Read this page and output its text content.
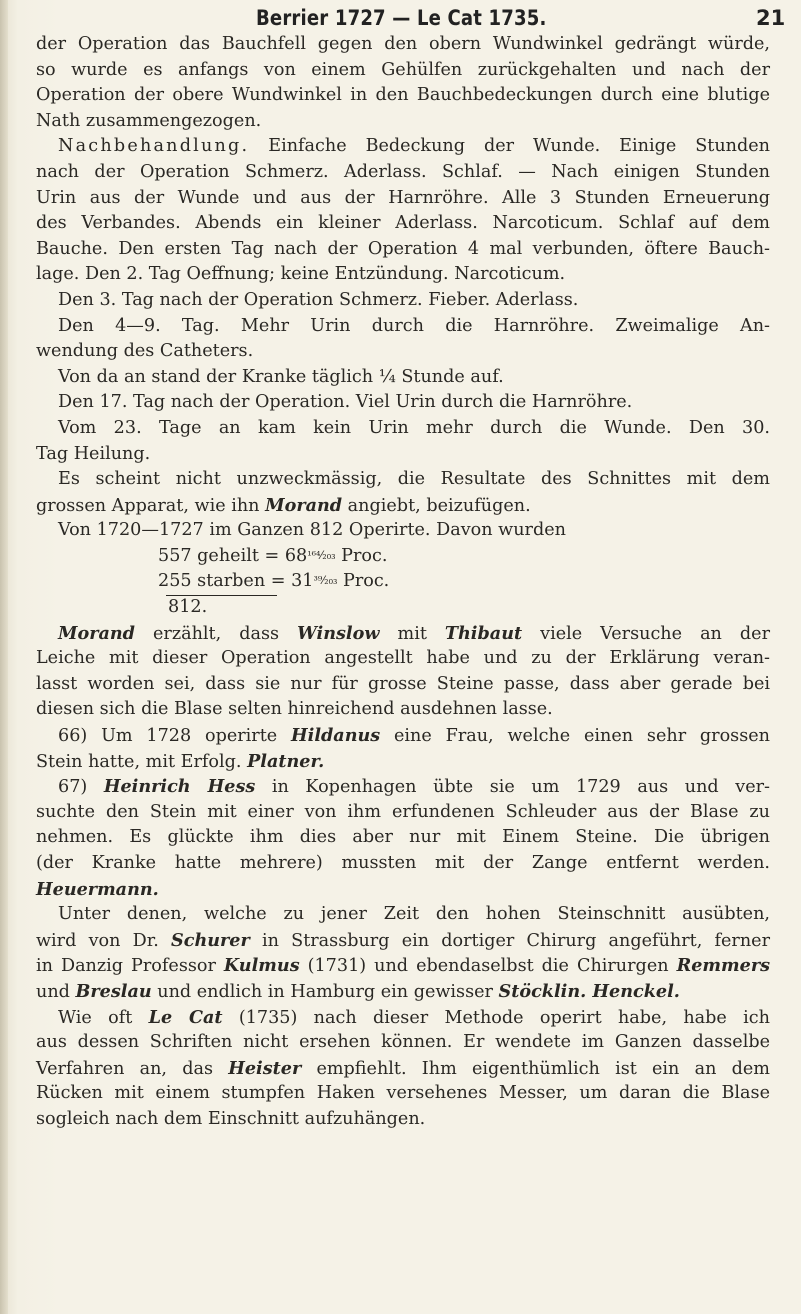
Berrier 1727 — Le Cat 1735.	21
der Operation das Bauchfell gegen den obern Wundwinkel gedrängt würde,
so wurde es anfangs von einem Gehülfen zurückgehalten und nach der
Operation der obere Wundwinkel in den Bauchbedeckungen durch eine blutige
Nath zusammengezogen.
Nachbehandlung. Einfache Bedeckung der Wunde. Einige Stunden
nach der Operation Schmerz. Aderlass. Schlaf. — Nach einigen Stunden
Urin aus der Wunde und aus der Harnröhre. Alle 3 Stunden Erneuerung
des Verbandes. Abends ein kleiner Aderlass. Narcoticum. Schlaf auf dem
Bauche. Den ersten Tag nach der Operation 4 mal verbunden, öftere Bauch-
lage. Den 2. Tag Oeffnung; keine Entzündung. Narcoticum.
Den 3. Tag nach der Operation Schmerz. Fieber. Aderlass.
Den 4—9. Tag. Mehr Urin durch die Harnröhre. Zweimalige An-
wendung des Catheters.
Von da an stand der Kranke täglich ¼ Stunde auf.
Den 17. Tag nach der Operation. Viel Urin durch die Harnröhre.
Vom 23. Tage an kam kein Urin mehr durch die Wunde. Den 30.
Tag Heilung.
Es scheint nicht unzweckmässig, die Resultate des Schnittes mit dem
grossen Apparat, wie ihn Morand angiebt, beizufügen.
Von 1720—1727 im Ganzen 812 Operirte. Davon wurden
557 geheilt = 68¹⁶⁴⁄₂₀₃ Proc.
255 starben = 31³⁹⁄₂₀₃ Proc.
812.
Morand erzählt, dass Winslow mit Thibaut viele Versuche an der
Leiche mit dieser Operation angestellt habe und zu der Erklärung veran-
lasst worden sei, dass sie nur für grosse Steine passe, dass aber gerade bei
diesen sich die Blase selten hinreichend ausdehnen lasse.
66) Um 1728 operirte Hildanus eine Frau, welche einen sehr grossen
Stein hatte, mit Erfolg. Platner.
67) Heinrich Hess in Kopenhagen übte sie um 1729 aus und ver-
suchte den Stein mit einer von ihm erfundenen Schleuder aus der Blase zu
nehmen. Es glückte ihm dies aber nur mit Einem Steine. Die übrigen
(der Kranke hatte mehrere) mussten mit der Zange entfernt werden.
Heuermann.
Unter denen, welche zu jener Zeit den hohen Steinschnitt ausübten,
wird von Dr. Schurer in Strassburg ein dortiger Chirurg angeführt, ferner
in Danzig Professor Kulmus (1731) und ebendaselbst die Chirurgen Remmers
und Breslau und endlich in Hamburg ein gewisser Stöcklin. Henckel.
Wie oft Le Cat (1735) nach dieser Methode operirt habe, habe ich
aus dessen Schriften nicht ersehen können. Er wendete im Ganzen dasselbe
Verfahren an, das Heister empfiehlt. Ihm eigenthümlich ist ein an dem
Rücken mit einem stumpfen Haken versehenes Messer, um daran die Blase
sogleich nach dem Einschnitt aufzuhängen.
